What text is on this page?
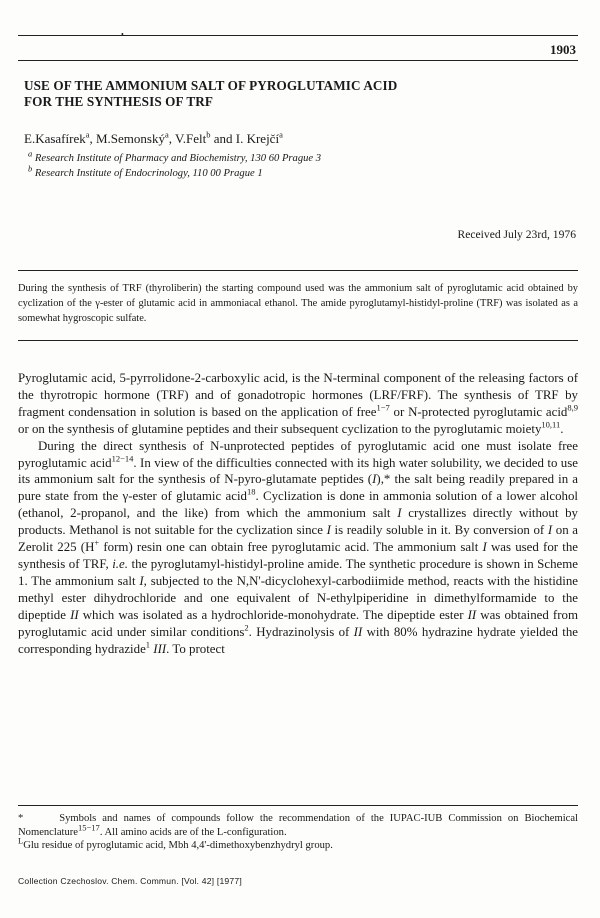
•
1903
USE OF THE AMMONIUM SALT OF PYROGLUTAMIC ACID
FOR THE SYNTHESIS OF TRF
E.Kasafírek$^a$, M.Semonský$^a$, V.Felt$^b$ and I. Krejčí$^a$
$^a$ Research Institute of Pharmacy and Biochemistry, 130 60 Prague 3
$^b$ Research Institute of Endocrinology, 110 00 Prague 1
Received July 23rd, 1976
During the synthesis of TRF (thyroliberin) the starting compound used was the ammonium salt of pyroglutamic acid obtained by cyclization of the γ-ester of glutamic acid in ammoniacal ethanol. The amide pyroglutamyl-histidyl-proline (TRF) was isolated as a somewhat hygroscopic sulfate.

Pyroglutamic acid, 5-pyrrolidone-2-carboxylic acid, is the N-terminal component of the releasing factors of the thyrotropic hormone (TRF) and of gonadotropic hormones (LRF/FRF). The synthesis of TRF by fragment condensation in solution is based on the application of free$^{1-7}$ or N-protected pyroglutamic acid$^{8,9}$ or on the synthesis of glutamine peptides and their subsequent cyclization to the pyroglutamic moiety$^{10,11}$.

During the direct synthesis of N-unprotected peptides of pyroglutamic acid one must isolate free pyroglutamic acid$^{12-14}$. In view of the difficulties connected with its high water solubility, we decided to use its ammonium salt for the synthesis of N-pyro-glutamate peptides (I),* the salt being readily prepared in a pure state from the γ-ester of glutamic acid$^{18}$. Cyclization is done in ammonia solution of a lower alcohol (ethanol, 2-propanol, and the like) from which the ammonium salt I crystallizes directly without by products. Methanol is not suitable for the cyclization since I is readily soluble in it. By conversion of I on a Zerolit 225 (H+ form) resin one can obtain free pyroglutamic acid. The ammonium salt I was used for the synthesis of TRF, i.e. the pyroglutamyl-histidyl-proline amide. The synthetic procedure is shown in Scheme 1. The ammonium salt I, subjected to the N,N'-dicyclohexyl-carbodiimide method, reacts with the histidine methyl ester dihydrochloride and one equivalent of N-ethylpiperidine in dimethylformamide to the dipeptide II which was isolated as a hydrochloride-monohydrate. The dipeptide ester II was obtained from pyroglutamic acid under similar conditions$^2$. Hydrazinolysis of II with 80% hydrazine hydrate yielded the corresponding hydrazide$^1$ III. To protect

*	Symbols and names of compounds follow the recommendation of the IUPAC-IUB Commission on Biochemical Nomenclature$^{15-17}$. All amino acids are of the L-configuration.

$^L$Glu residue of pyroglutamic acid, Mbh 4,4'-dimethoxybenzhydryl group.

Collection Czechoslov. Chem. Commun. [Vol. 42] [1977]
